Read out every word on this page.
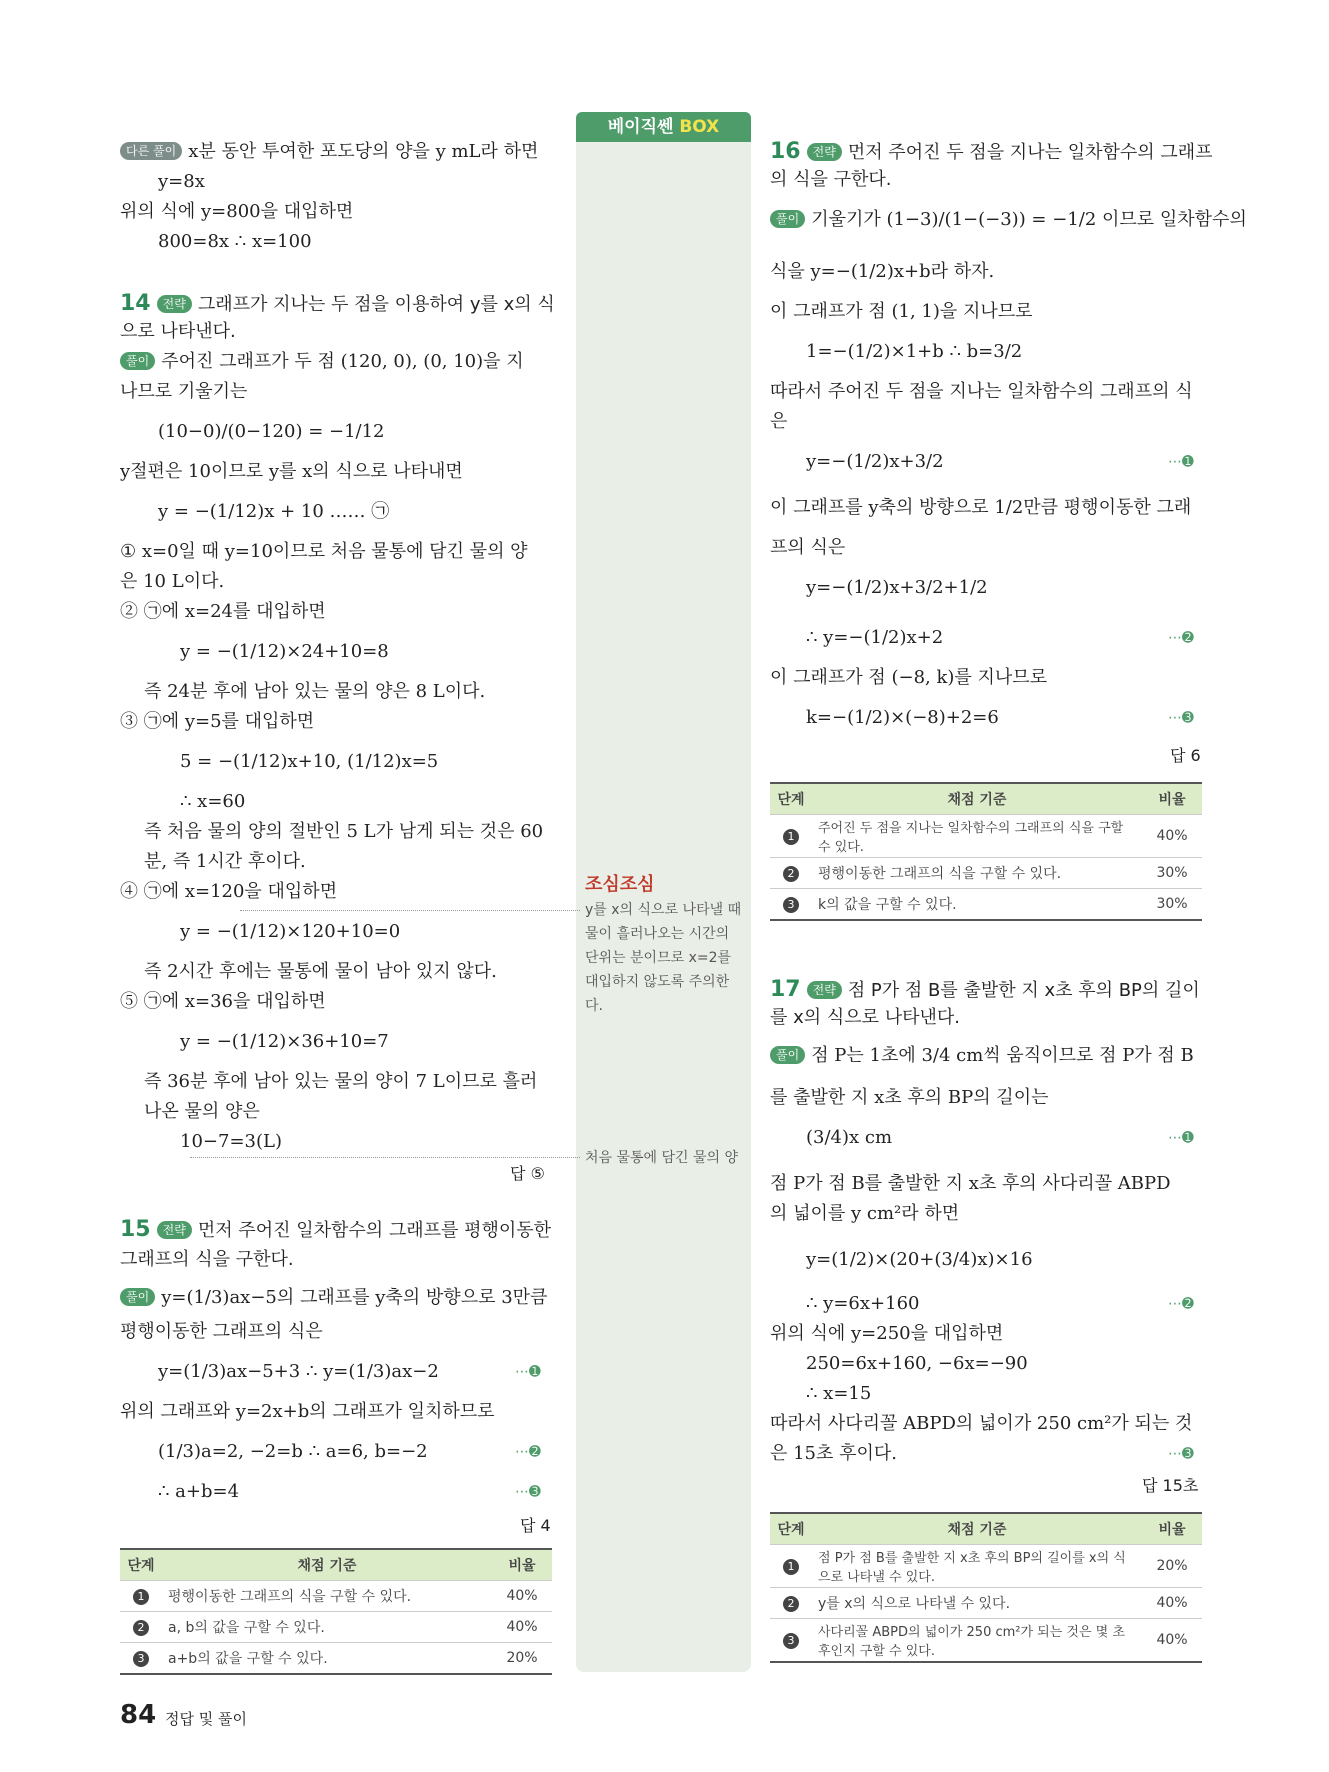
다른 풀이 x분 동안 투여한 포도당의 양을 y mL라 하면
y=8x
위의 식에 y=800을 대입하면
800=8x ∴ x=100
14 전략 그래프가 지나는 두 점을 이용하여 y를 x의 식
으로 나타낸다.
풀이 주어진 그래프가 두 점 (120, 0), (0, 10)을 지
나므로 기울기는
(10−0)/(0−120) = −1/12
y절편은 10이므로 y를 x의 식으로 나타내면
y = −(1/12)x + 10 …… ㉠
① x=0일 때 y=10이므로 처음 물통에 담긴 물의 양
은 10 L이다.
② ㉠에 x=24를 대입하면
y = −(1/12)×24+10=8
즉 24분 후에 남아 있는 물의 양은 8 L이다.
③ ㉠에 y=5를 대입하면
5 = −(1/12)x+10, (1/12)x=5
∴ x=60
즉 처음 물의 양의 절반인 5 L가 남게 되는 것은 60
분, 즉 1시간 후이다.
④ ㉠에 x=120을 대입하면
y = −(1/12)×120+10=0
즉 2시간 후에는 물통에 물이 남아 있지 않다.
⑤ ㉠에 x=36을 대입하면
y = −(1/12)×36+10=7
즉 36분 후에 남아 있는 물의 양이 7 L이므로 흘러
나온 물의 양은
10−7=3(L)
답 ⑤
15 전략 먼저 주어진 일차함수의 그래프를 평행이동한
그래프의 식을 구한다.
풀이 y=(1/3)ax−5의 그래프를 y축의 방향으로 3만큼
평행이동한 그래프의 식은
y=(1/3)ax−5+3 ∴ y=(1/3)ax−2	⋯➊
위의 그래프와 y=2x+b의 그래프가 일치하므로
(1/3)a=2, −2=b ∴ a=6, b=−2	⋯➋
∴ a+b=4	⋯➌
답 4
단계	채점 기준	비율
1	평행이동한 그래프의 식을 구할 수 있다.	40%
2	a, b의 값을 구할 수 있다.	40%
3	a+b의 값을 구할 수 있다.	20%
베이직쎈 BOX
조심조심
y를 x의 식으로 나타낼 때 물이 흘러나오는 시간의 단위는 분이므로 x=2를 대입하지 않도록 주의한다.
처음 물통에 담긴 물의 양
16 전략 먼저 주어진 두 점을 지나는 일차함수의 그래프
의 식을 구한다.
풀이 기울기가 (1−3)/(1−(−3)) = −1/2 이므로 일차함수의
식을 y=−(1/2)x+b라 하자.
이 그래프가 점 (1, 1)을 지나므로
1=−(1/2)×1+b ∴ b=3/2
따라서 주어진 두 점을 지나는 일차함수의 그래프의 식
은
y=−(1/2)x+3/2	⋯➊
이 그래프를 y축의 방향으로 1/2만큼 평행이동한 그래
프의 식은
y=−(1/2)x+3/2+1/2
∴ y=−(1/2)x+2	⋯➋
이 그래프가 점 (−8, k)를 지나므로
k=−(1/2)×(−8)+2=6	⋯➌
답 6
단계	채점 기준	비율
1	주어진 두 점을 지나는 일차함수의 그래프의 식을 구할 수 있다.	40%
2	평행이동한 그래프의 식을 구할 수 있다.	30%
3	k의 값을 구할 수 있다.	30%
17 전략 점 P가 점 B를 출발한 지 x초 후의 BP의 길이
를 x의 식으로 나타낸다.
풀이 점 P는 1초에 3/4 cm씩 움직이므로 점 P가 점 B
를 출발한 지 x초 후의 BP의 길이는
(3/4)x cm	⋯➊
점 P가 점 B를 출발한 지 x초 후의 사다리꼴 ABPD
의 넓이를 y cm²라 하면
y=(1/2)×(20+(3/4)x)×16
∴ y=6x+160	⋯➋
위의 식에 y=250을 대입하면
250=6x+160, −6x=−90
∴ x=15
따라서 사다리꼴 ABPD의 넓이가 250 cm²가 되는 것
은 15초 후이다.	⋯➌
답 15초
단계	채점 기준	비율
1	점 P가 점 B를 출발한 지 x초 후의 BP의 길이를 x의 식으로 나타낼 수 있다.	20%
2	y를 x의 식으로 나타낼 수 있다.	40%
3	사다리꼴 ABPD의 넓이가 250 cm²가 되는 것은 몇 초 후인지 구할 수 있다.	40%
84 정답 및 풀이
